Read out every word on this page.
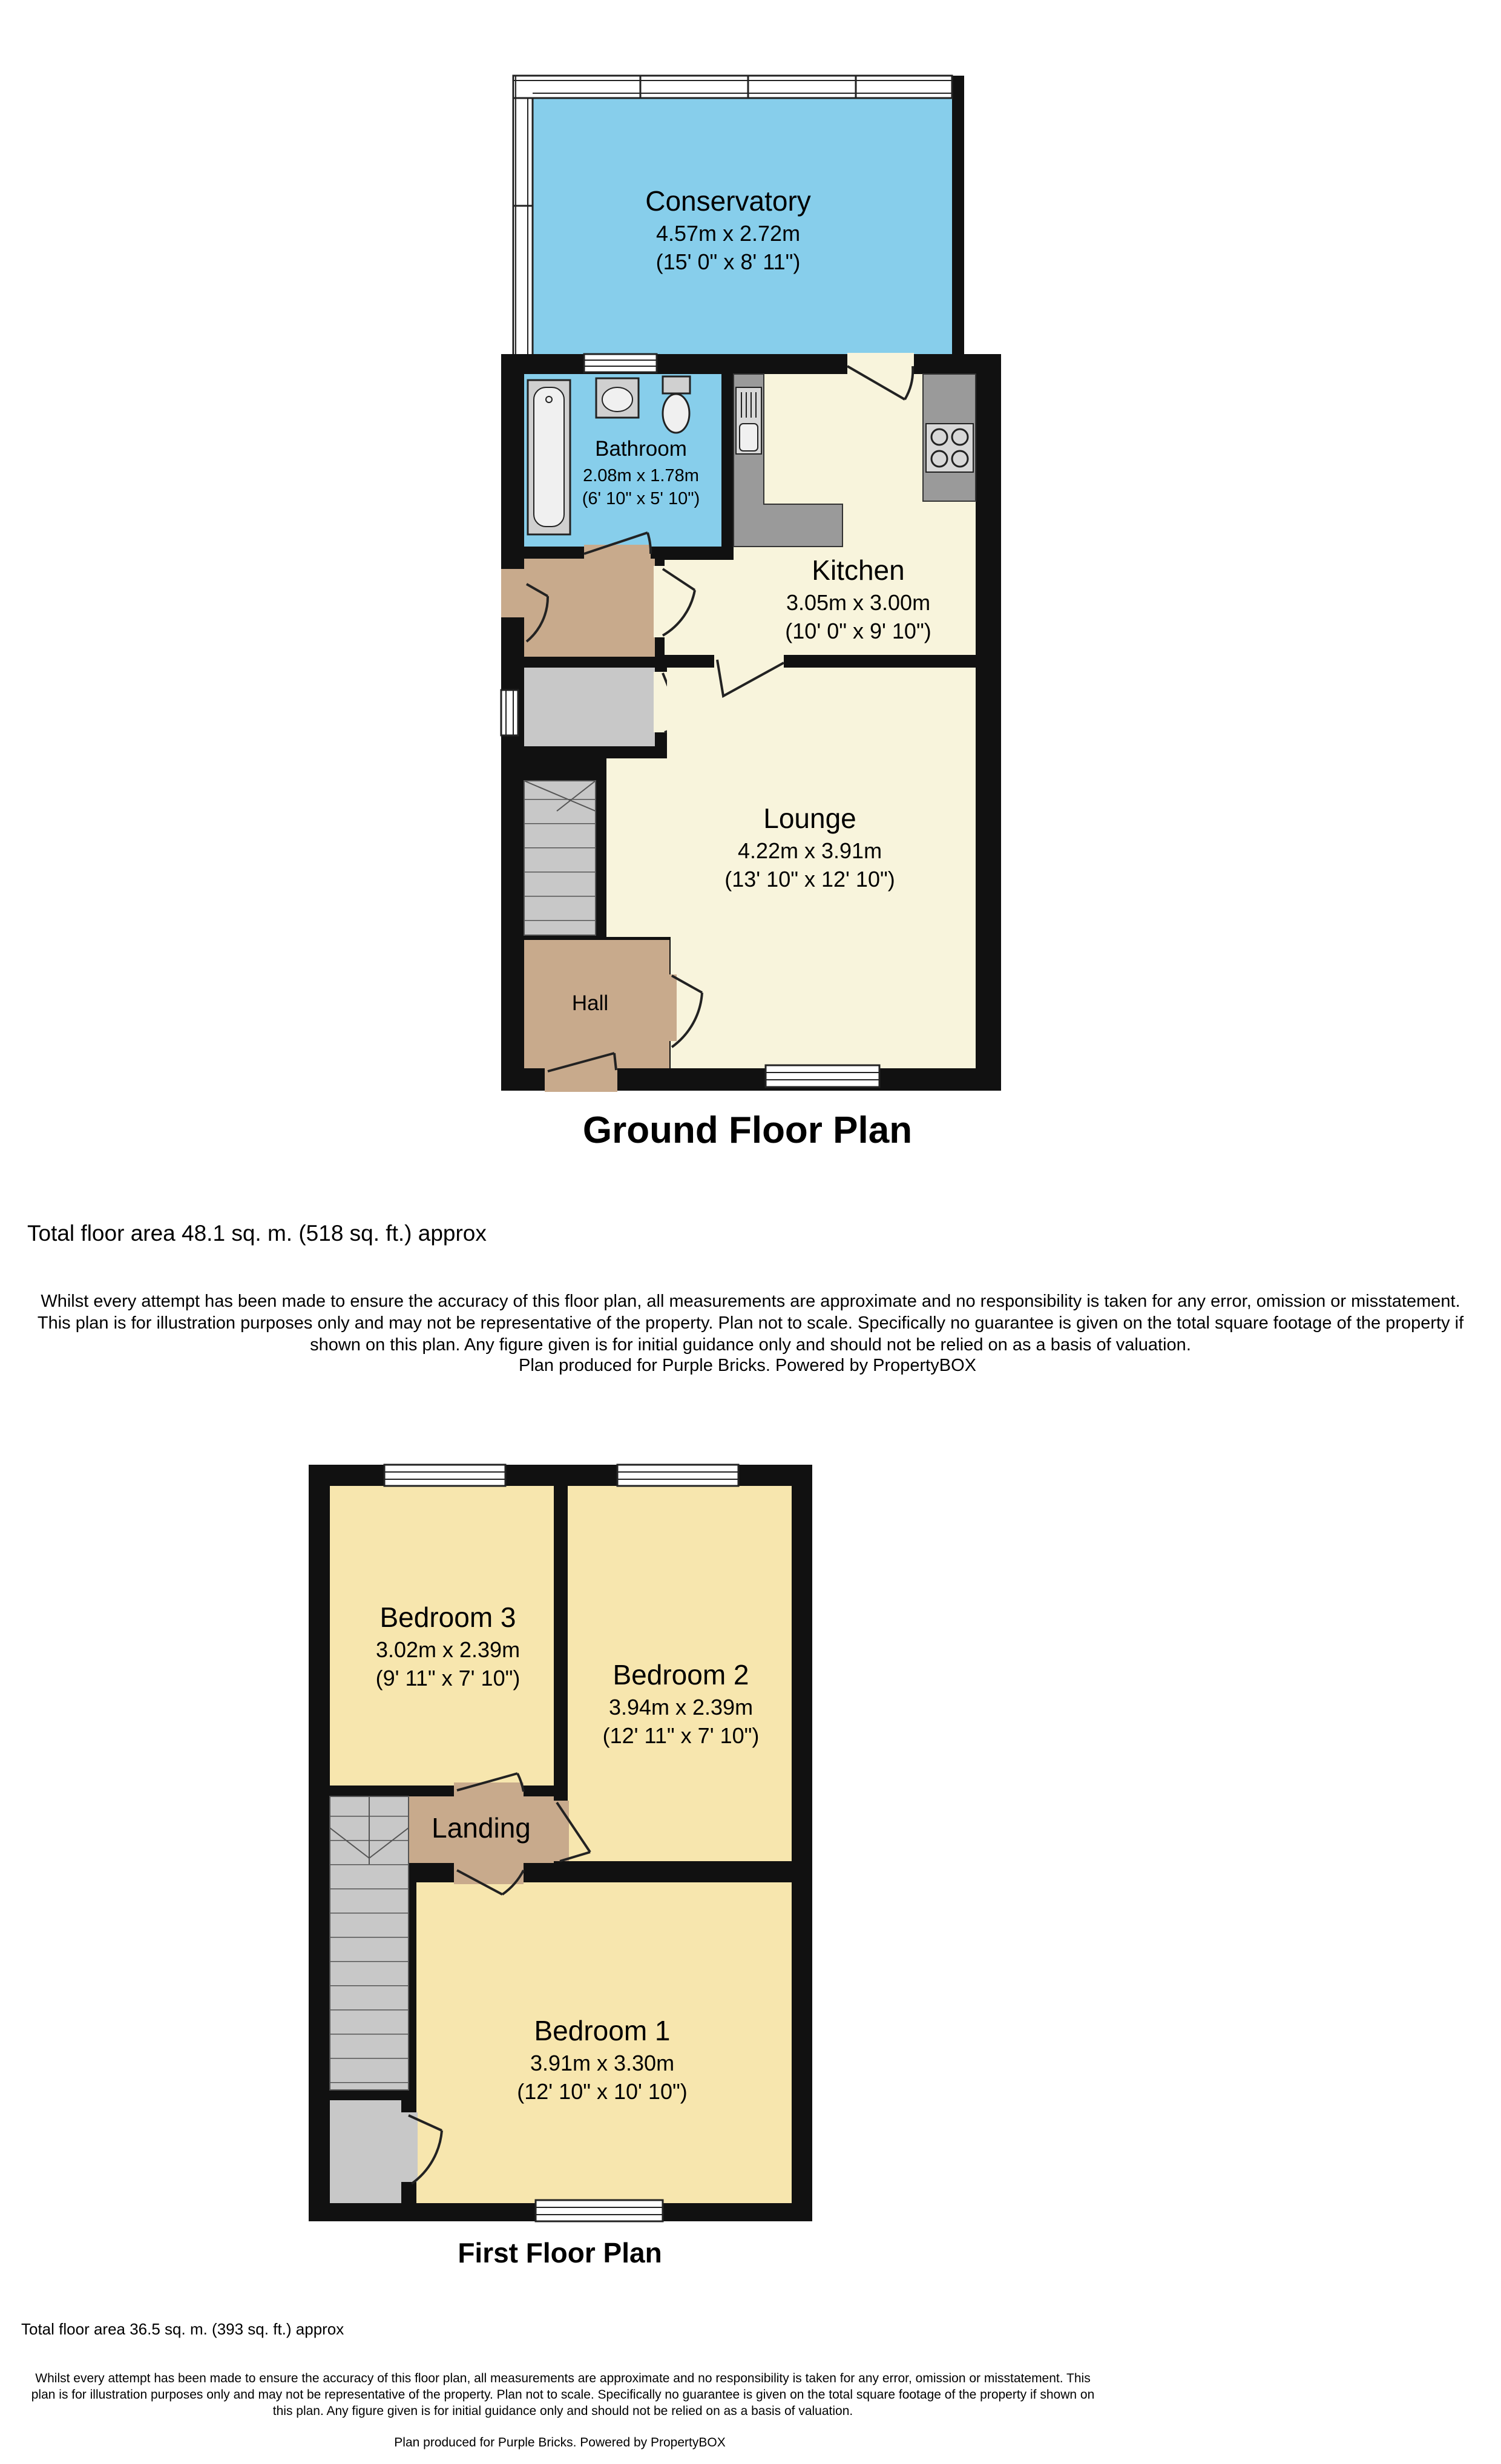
Conservatory
4.57m x 2.72m
(15' 0" x 8' 11")
Bathroom
2.08m x 1.78m
(6' 10" x 5' 10")
Kitchen
3.05m x 3.00m
(10' 0" x 9' 10")
Lounge
4.22m x 3.91m
(13' 10" x 12' 10")
Hall
Ground Floor Plan
Total floor area 48.1 sq. m. (518 sq. ft.) approx
Whilst every attempt has been made to ensure the accuracy of this floor plan, all measurements are approximate and no responsibility is taken for any error, omission or misstatement. This plan is for illustration purposes only and may not be representative of the property. Plan not to scale. Specifically no guarantee is given on the total square footage of the property if shown on this plan. Any figure given is for initial guidance only and should not be relied on as a basis of valuation.
Plan produced for Purple Bricks. Powered by PropertyBOX
Bedroom 3
3.02m x 2.39m
(9' 11" x 7' 10")	Bedroom 2
3.94m x 2.39m
(12' 11" x 7' 10")
Landing
Bedroom 1
3.91m x 3.30m
(12' 10" x 10' 10")
First Floor Plan
Total floor area 36.5 sq. m. (393 sq. ft.) approx
Whilst every attempt has been made to ensure the accuracy of this floor plan, all measurements are approximate and no responsibility is taken for any error, omission or misstatement. This plan is for illustration purposes only and may not be representative of the property. Plan not to scale. Specifically no guarantee is given on the total square footage of the property if shown on this plan. Any figure given is for initial guidance only and should not be relied on as a basis of valuation.
Plan produced for Purple Bricks. Powered by PropertyBOX
